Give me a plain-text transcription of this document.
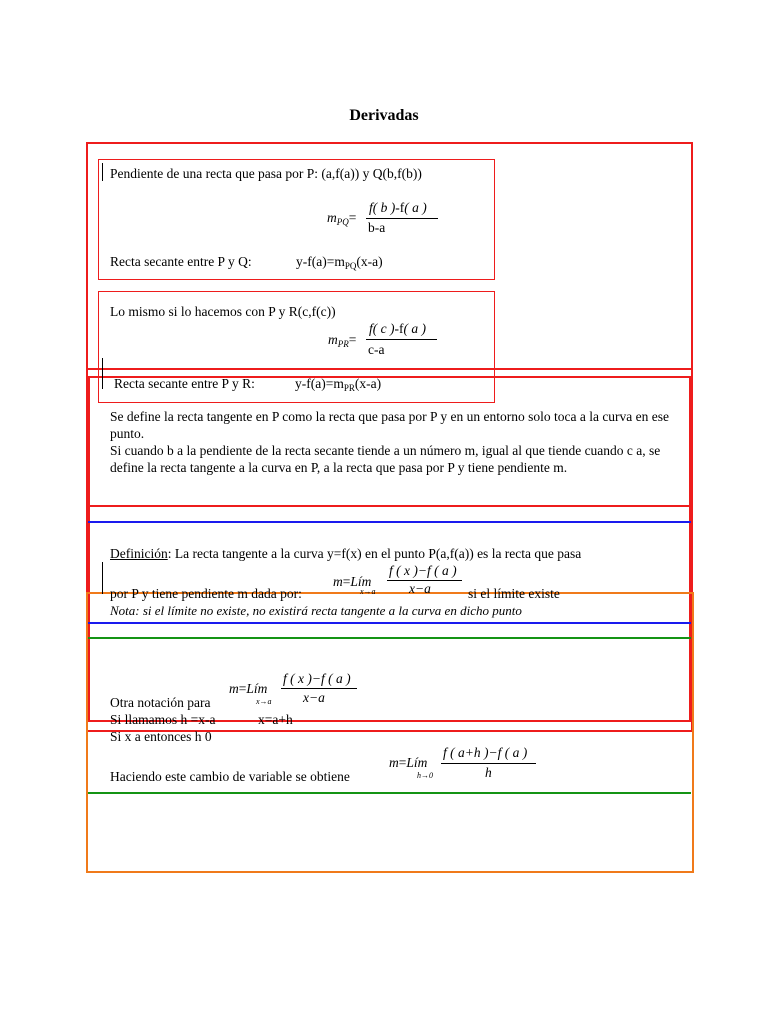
Derivadas
Pendiente de una recta que pasa por P: (a,f(a)) y Q(b,f(b))
$m_{PQ}=$
f( b )-f( a )
b-a
Recta secante entre P y Q:	$y-f(a)=m_{PQ}(x-a)$
Lo mismo si lo hacemos con P y R(c,f(c))
$m_{PR}=$
f( c )-f( a )
c-a
Recta secante entre P y R:	$y-f(a)=m_{PR}(x-a)$
Se define la recta tangente en P como la recta que pasa por P y en un entorno solo toca a la curva en ese punto.
Si cuando b a la pendiente de la recta secante tiende a un número m, igual al que tiende cuando c a, se define la recta tangente a la curva en P, a la recta que pasa por P y tiene pendiente m.
Definición: La recta tangente a la curva y=f(x) en el punto P(a,f(a)) es la recta que pasa
por P y tiene pendiente m dada por:	si el límite existe
m=Lím
x→a
f ( x )−f ( a )
x−a
Nota: si el límite no existe, no existirá recta tangente a la curva en dicho punto
m=Lím
x→a
f ( x )−f ( a )
x−a
Otra notación para
Si llamamos h =x-a	x=a+h
Si x a entonces h 0
m=Lím
h→0
f ( a+h )−f ( a )
h
Haciendo este cambio de variable se obtiene
